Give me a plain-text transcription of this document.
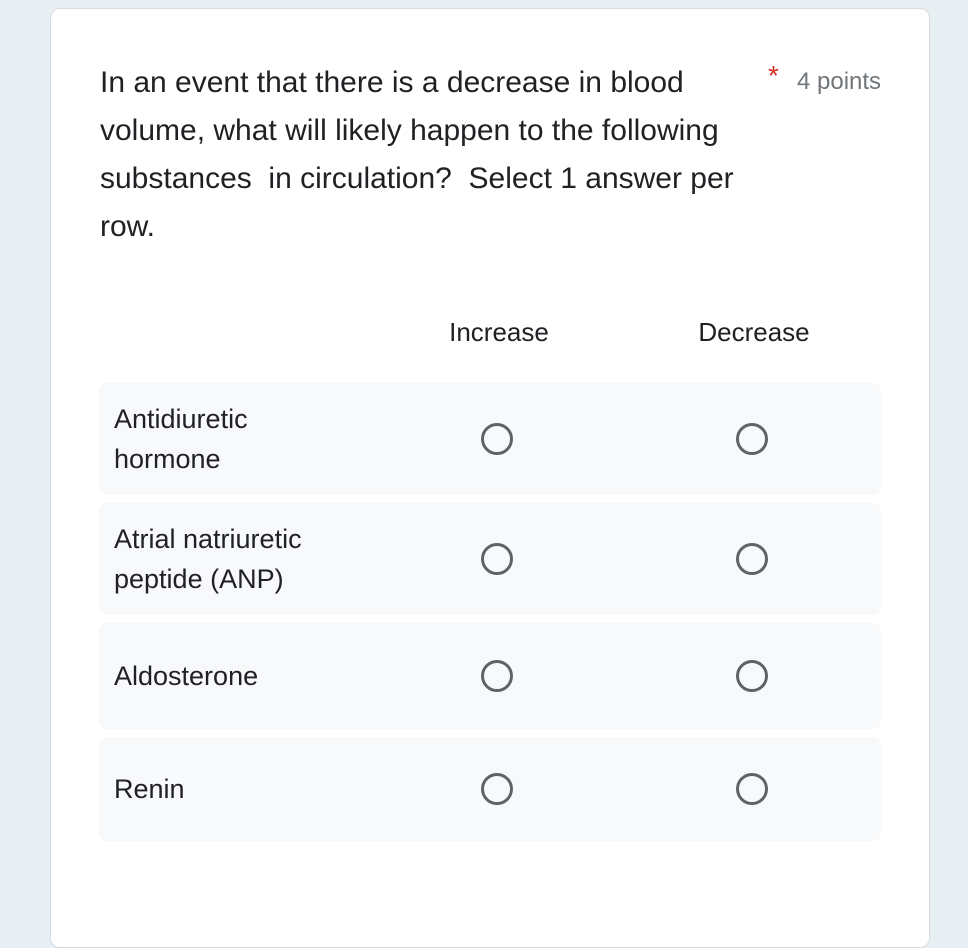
In an event that there is a decrease in blood volume, what will likely happen to the following substances  in circulation?  Select 1 answer per row.
* 4 points
Increase	Decrease
Antidiuretic hormone
Atrial natriuretic peptide (ANP)
Aldosterone
Renin
